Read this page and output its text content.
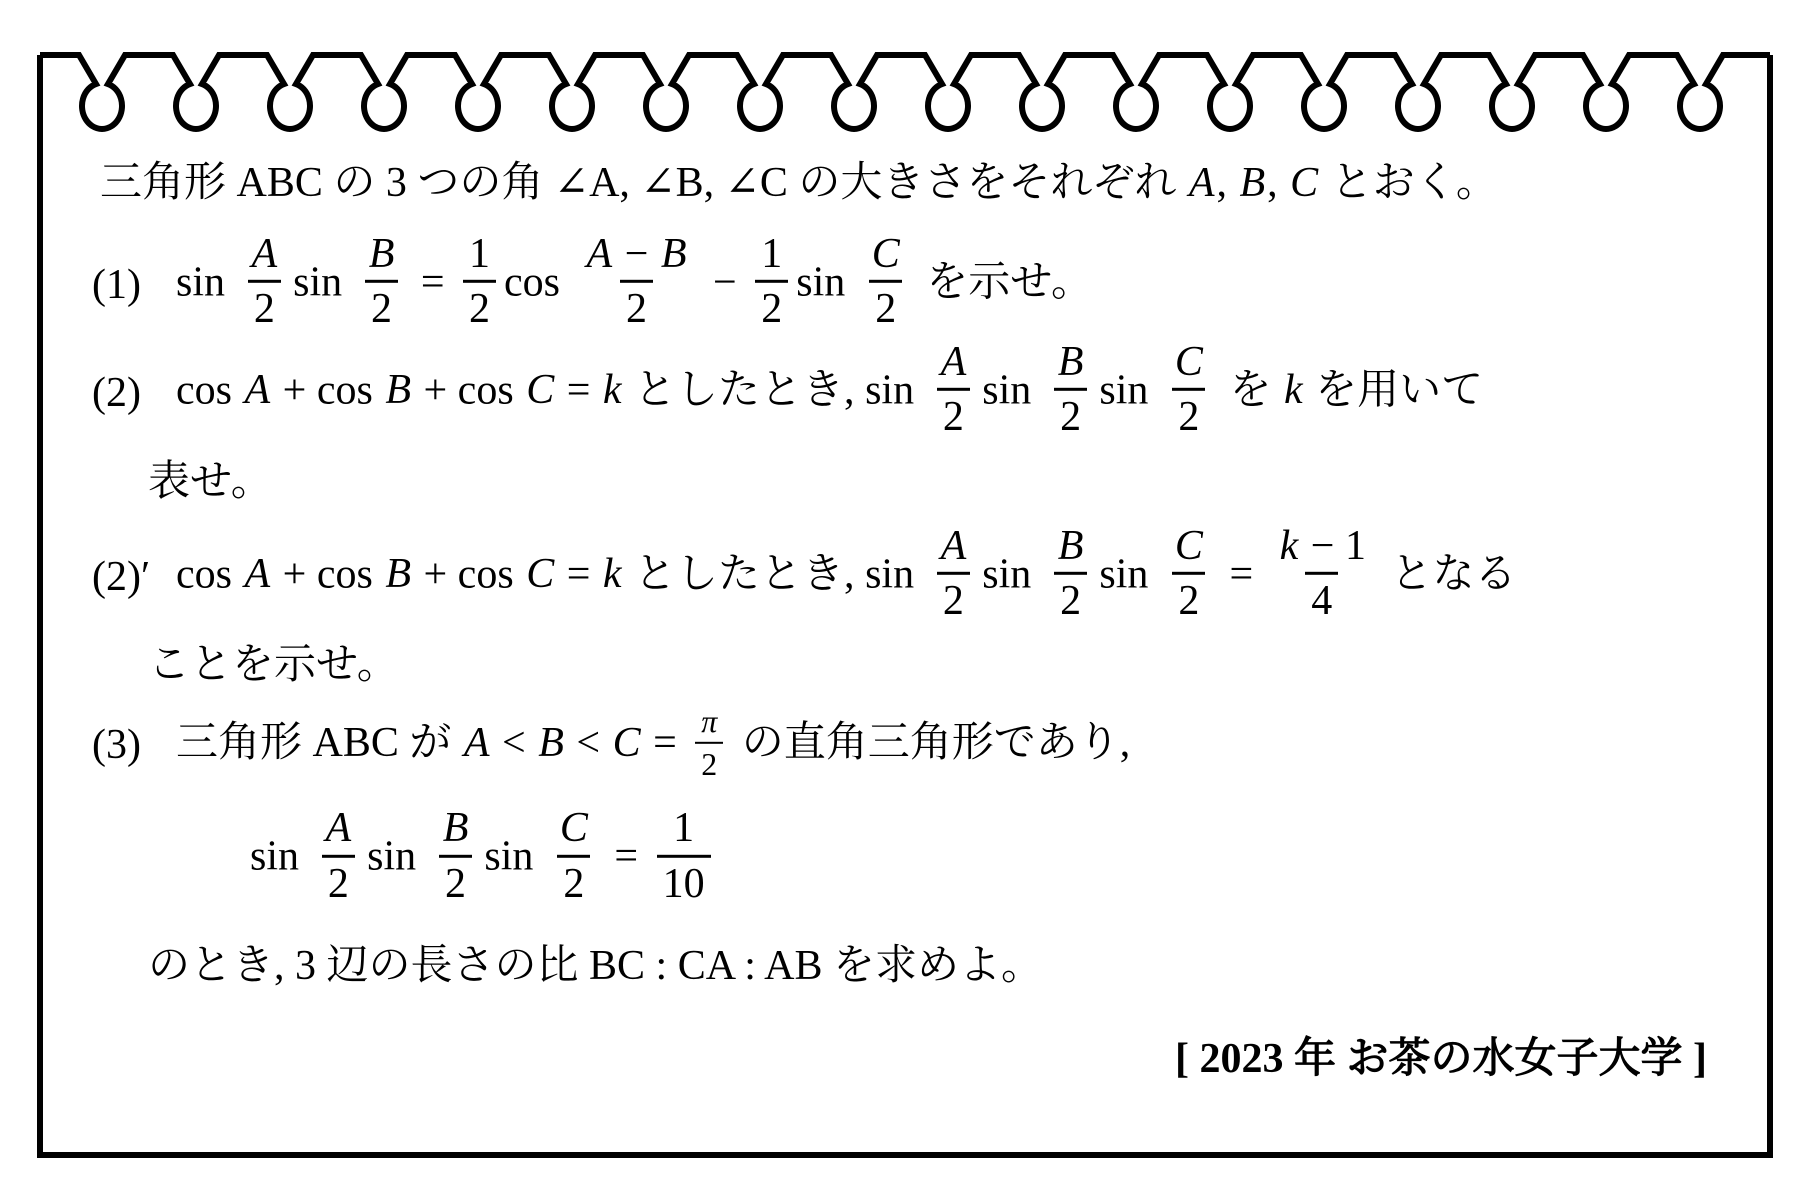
三角形 ABC の 3 つの角 ∠A, ∠B, ∠C の大きさをそれぞれ A, B, C とおく。
(1) $\sin \frac{A}{2}$ $\sin \frac{B}{2} = \frac{1}{2}$ $\cos \frac{A - B}{2} - \frac{1}{2}$ $\sin \frac{C}{2}$ を示せ。
(2) cos A + cos B + cos C = k としたとき, $\sin \frac{A}{2}$ $\sin \frac{B}{2}$ $\sin \frac{C}{2}$ を k を用いて
表せ。
(2)′ cos A + cos B + cos C = k としたとき, $\sin \frac{A}{2}$ $\sin \frac{B}{2}$ $\sin \frac{C}{2} = \frac{k - 1}{4}$ となる
ことを示せ。
(3) 三角形 ABC が $A < B < C = \frac{\pi}{2}$ の直角三角形であり,
$\sin \frac{A}{2}$ $\sin \frac{B}{2}$ $\sin \frac{C}{2} = \frac{1}{10}$
のとき, 3 辺の長さの比 BC : CA : AB を求めよ。
[ 2023 年 お茶の水女子大学 ]
